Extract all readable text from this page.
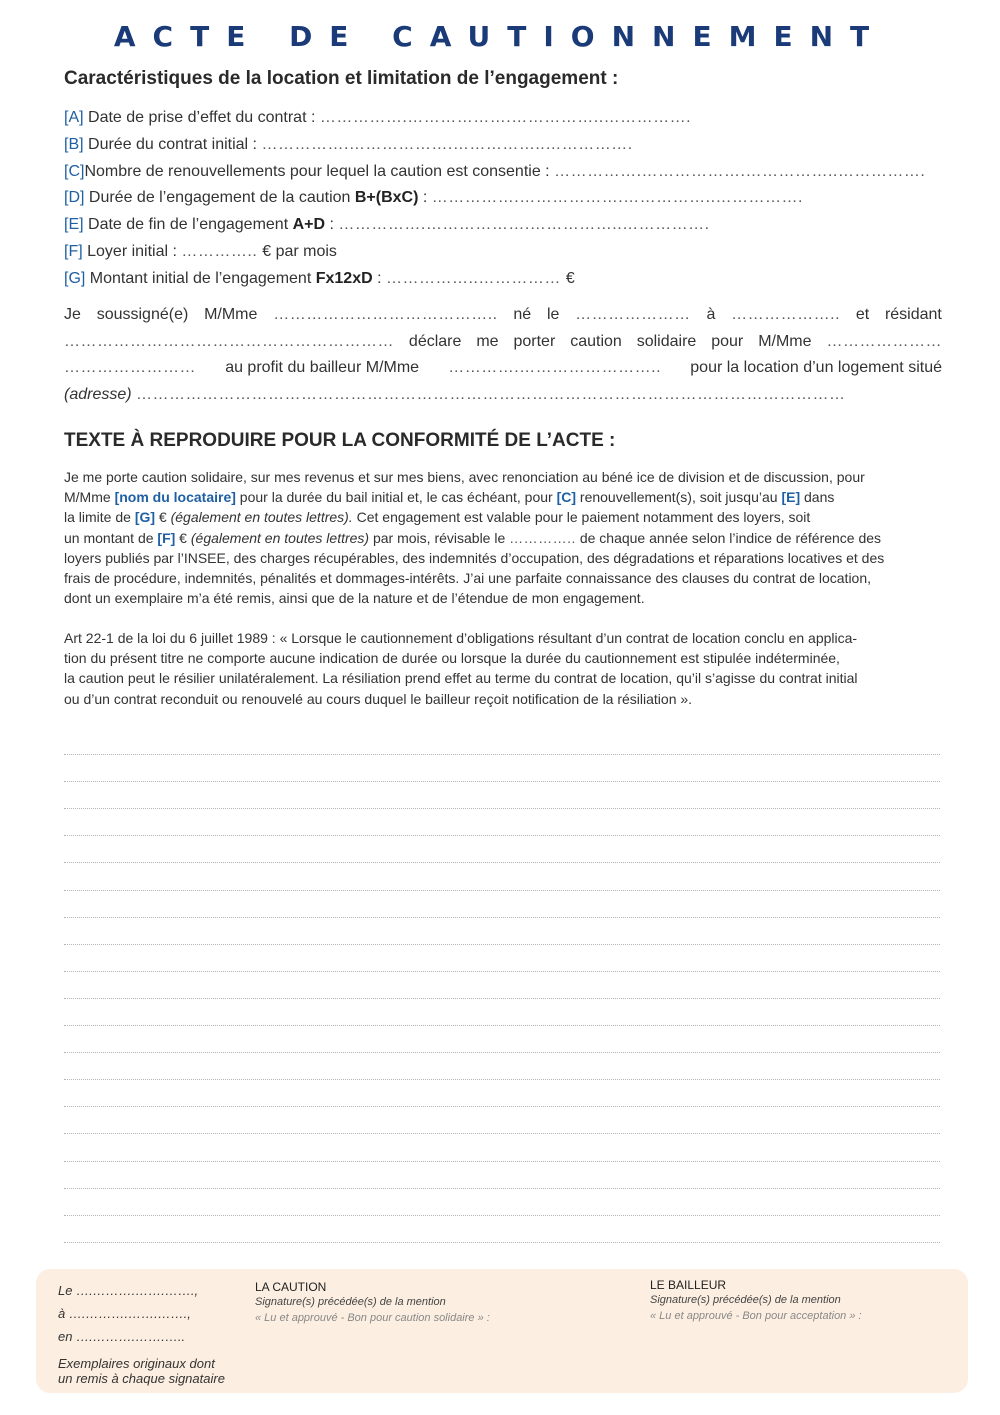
ACTE DE CAUTIONNEMENT
Caractéristiques de la location et limitation de l’engagement :
[A] Date de prise d’effet du contrat : …………….……………….……………..…………….
[B] Durée du contrat initial : …………….……………….……………..…………….
[C]Nombre de renouvellements pour lequel la caution est consentie : …………….……………….……………..…………….
[D] Durée de l’engagement de la caution B+(BxC) : …………….……………….……………..…………….
[E] Date de fin de l’engagement A+D : …………….……………….……………..…………….
[F] Loyer initial : ………….. € par mois
[G] Montant initial de l’engagement Fx12xD : ……………..…………… €
Je soussigné(e) M/Mme ………………………………….. né le ………………… à ……………….. et résidant
…………………………………………………… déclare me porter caution solidaire pour M/Mme …………………
…………………… au profit du bailleur M/Mme ………….…………………….. pour la location d’un logement situé
(adresse) …………………………………………………………………………………………………………………
TEXTE À REPRODUIRE POUR LA CONFORMITÉ DE L’ACTE :
Je me porte caution solidaire, sur mes revenus et sur mes biens, avec renonciation au béné ice de division et de discussion, pour
M/Mme [nom du locataire] pour la durée du bail initial et, le cas échéant, pour [C] renouvellement(s), soit jusqu’au [E] dans
la limite de [G] € (également en toutes lettres). Cet engagement est valable pour le paiement notamment des loyers, soit
un montant de [F] € (également en toutes lettres) par mois, révisable le ………….. de chaque année selon l’indice de référence des
loyers publiés par l’INSEE, des charges récupérables, des indemnités d’occupation, des dégradations et réparations locatives et des
frais de procédure, indemnités, pénalités et dommages-intérêts. J’ai une parfaite connaissance des clauses du contrat de location,
dont un exemplaire m’a été remis, ainsi que de la nature et de l’étendue de mon engagement.
Art 22-1 de la loi du 6 juillet 1989 : « Lorsque le cautionnement d’obligations résultant d’un contrat de location conclu en applica-
tion du présent titre ne comporte aucune indication de durée ou lorsque la durée du cautionnement est stipulée indéterminée,
la caution peut le résilier unilatéralement. La résiliation prend effet au terme du contrat de location, qu’il s’agisse du contrat initial
ou d’un contrat reconduit ou renouvelé au cours duquel le bailleur reçoit notification de la résiliation ».
Le ….……….…….…….,
à ….……….…….…….,
en ….……….…….…..
Exemplaires originaux dont
un remis à chaque signataire
LA CAUTION
Signature(s) précédée(s) de la mention
« Lu et approuvé - Bon pour caution solidaire » :
LE BAILLEUR
Signature(s) précédée(s) de la mention
« Lu et approuvé - Bon pour acceptation » :
